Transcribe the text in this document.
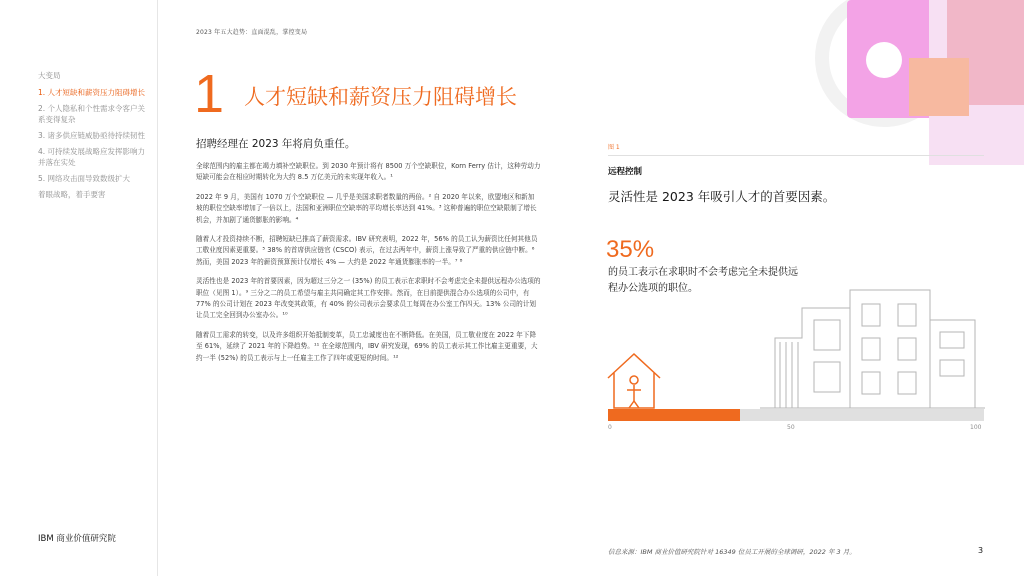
大变局
1. 人才短缺和薪资压力阻碍增长
2. 个人隐私和个性需求令客户关系变得复杂
3. 诸多供应链威胁亟待持续韧性
4. 可持续发展战略应发挥影响力并落在实处
5. 网络攻击面导致数级扩大
着眼战略，着手要害
IBM 商业价值研究院
2023 年五大趋势：直面混乱，掌控变局
1 人才短缺和薪资压力阻碍增长

招聘经理在 2023 年将肩负重任。

全球范围内的雇主都在竭力填补空缺职位。到 2030 年预计将有 8500 万个空缺职位，Korn Ferry 估计，这种劳动力短缺可能会在相应时期转化为大约 8.5 万亿美元的未实现年收入。¹

2022 年 9 月，美国有 1070 万个空缺职位 — 几乎是美国求职者数量的两倍。² 自 2020 年以来，欧盟地区和新加坡的职位空缺率增加了一倍以上，法国和亚洲职位空缺率的平均增长率达到 41%。³ 这种普遍的职位空缺限制了增长机会，并加剧了通货膨胀的影响。⁴

随着人才投资持续不断，招聘短缺已推高了薪资需求。IBV 研究表明，2022 年，56% 的员工认为薪资比任何其他员工敬业度因素更重要。⁵ 38% 的首席供应链官 (CSCO) 表示，在过去两年中，薪资上涨导致了严重的供应链中断。⁶ 然而，美国 2023 年的薪资预算预计仅增长 4% — 大约是 2022 年通货膨胀率的一半。⁷ ⁸

灵活性也是 2023 年的首要因素，因为超过三分之一 (35%) 的员工表示在求职时不会考虑完全未提供远程办公选项的职位（见图 1）。⁹ 三分之二的员工希望与雇主共同确定其工作安排。然而，在目前提供混合办公选项的公司中，有 77% 的公司计划在 2023 年改变其政策，有 40% 的公司表示会要求员工每周在办公室工作四天。13% 公司的计划让员工完全回到办公室办公。¹⁰

随着员工需求的转变，以及许多组织开始抵制变革，员工忠诚度也在不断降低。在美国，员工敬业度在 2022 年下降至 61%，延续了 2021 年的下降趋势。¹¹ 在全球范围内，IBV 研究发现，69% 的员工表示其工作比雇主更重要，大约一半 (52%) 的员工表示与上一任雇主工作了四年或更短的时间。¹²

图 1
远程控制
灵活性是 2023 年吸引人才的首要因素。
35%
的员工表示在求职时不会考虑完全未提供远程办公选项的职位。
0	50	100
信息来源：IBM 商业价值研究院针对 16349 位员工开展的全球调研，2022 年 3 月。	3
